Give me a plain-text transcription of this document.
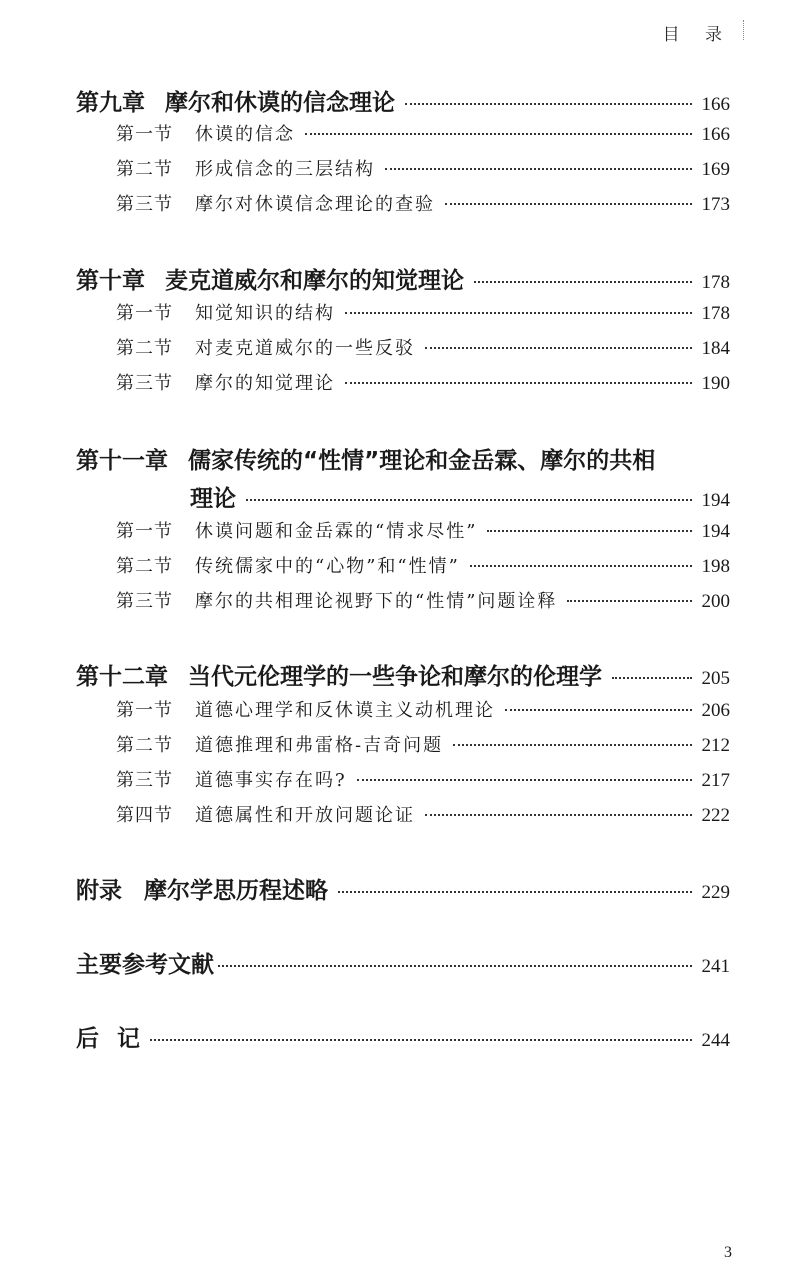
目 录
第九章 摩尔和休谟的信念理论	166
第一节 休谟的信念	166
第二节 形成信念的三层结构	169
第三节 摩尔对休谟信念理论的查验	173
第十章 麦克道威尔和摩尔的知觉理论	178
第一节 知觉知识的结构	178
第二节 对麦克道威尔的一些反驳	184
第三节 摩尔的知觉理论	190
第十一章 儒家传统的“性情”理论和金岳霖、摩尔的共相
理论	194
第一节 休谟问题和金岳霖的“情求尽性”	194
第二节 传统儒家中的“心物”和“性情”	198
第三节 摩尔的共相理论视野下的“性情”问题诠释	200
第十二章 当代元伦理学的一些争论和摩尔的伦理学	205
第一节 道德心理学和反休谟主义动机理论	206
第二节 道德推理和弗雷格-吉奇问题	212
第三节 道德事实存在吗?	217
第四节 道德属性和开放问题论证	222
附录 摩尔学思历程述略	229
主要参考文献	241
后 记	244
3
